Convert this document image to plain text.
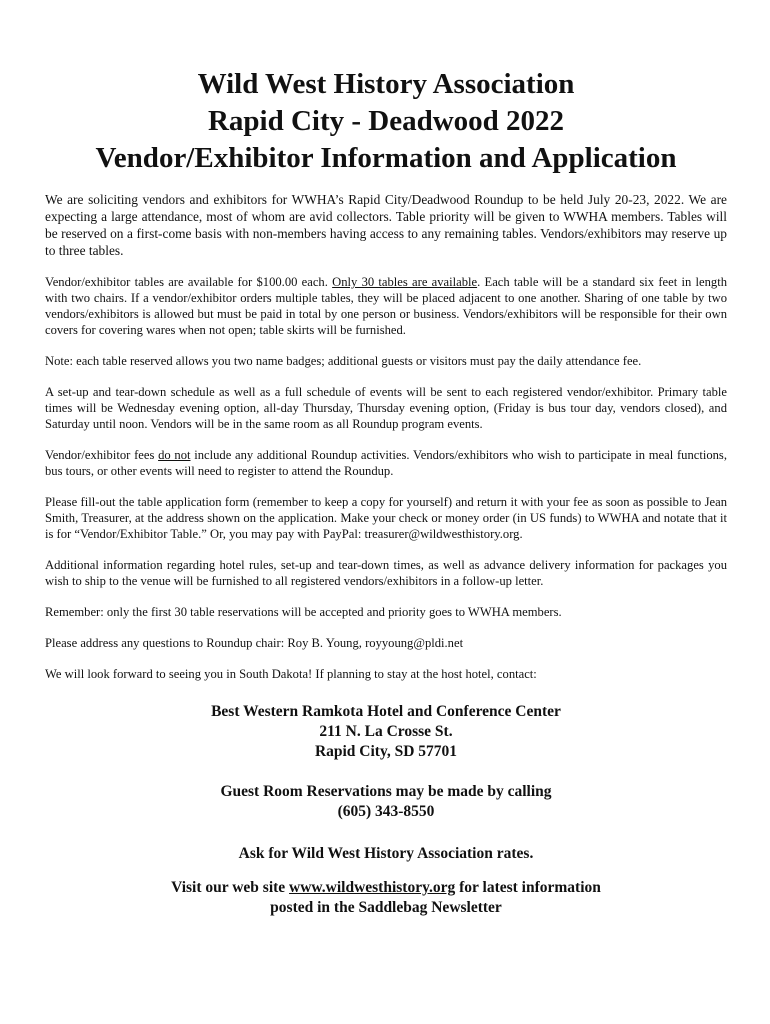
Wild West History Association
Rapid City - Deadwood 2022
Vendor/Exhibitor Information and Application

We are soliciting vendors and exhibitors for WWHA’s Rapid City/Deadwood Roundup to be held July 20-23, 2022. We are expecting a large attendance, most of whom are avid collectors. Table priority will be given to WWHA members. Tables will be reserved on a first-come basis with non-members having access to any remaining tables. Vendors/exhibitors may reserve up to three tables.

Vendor/exhibitor tables are available for $100.00 each. Only 30 tables are available. Each table will be a standard six feet in length with two chairs. If a vendor/exhibitor orders multiple tables, they will be placed adjacent to one another. Sharing of one table by two vendors/exhibitors is allowed but must be paid in total by one person or business. Vendors/exhibitors will be responsible for their own covers for covering wares when not open; table skirts will be furnished.

Note: each table reserved allows you two name badges; additional guests or visitors must pay the daily attendance fee.

A set-up and tear-down schedule as well as a full schedule of events will be sent to each registered vendor/exhibitor. Primary table times will be Wednesday evening option, all-day Thursday, Thursday evening option, (Friday is bus tour day, vendors closed), and Saturday until noon. Vendors will be in the same room as all Roundup program events.

Vendor/exhibitor fees do not include any additional Roundup activities. Vendors/exhibitors who wish to participate in meal functions, bus tours, or other events will need to register to attend the Roundup.

Please fill-out the table application form (remember to keep a copy for yourself) and return it with your fee as soon as possible to Jean Smith, Treasurer, at the address shown on the application. Make your check or money order (in US funds) to WWHA and notate that it is for “Vendor/Exhibitor Table.” Or, you may pay with PayPal: treasurer@wildwesthistory.org.

Additional information regarding hotel rules, set-up and tear-down times, as well as advance delivery information for packages you wish to ship to the venue will be furnished to all registered vendors/exhibitors in a follow-up letter.

Remember: only the first 30 table reservations will be accepted and priority goes to WWHA members.

Please address any questions to Roundup chair: Roy B. Young, royyoung@pldi.net

We will look forward to seeing you in South Dakota! If planning to stay at the host hotel, contact:

Best Western Ramkota Hotel and Conference Center
211 N. La Crosse St.
Rapid City, SD 57701
Guest Room Reservations may be made by calling
(605) 343-8550
Ask for Wild West History Association rates.
Visit our web site www.wildwesthistory.org for latest information
posted in the Saddlebag Newsletter
